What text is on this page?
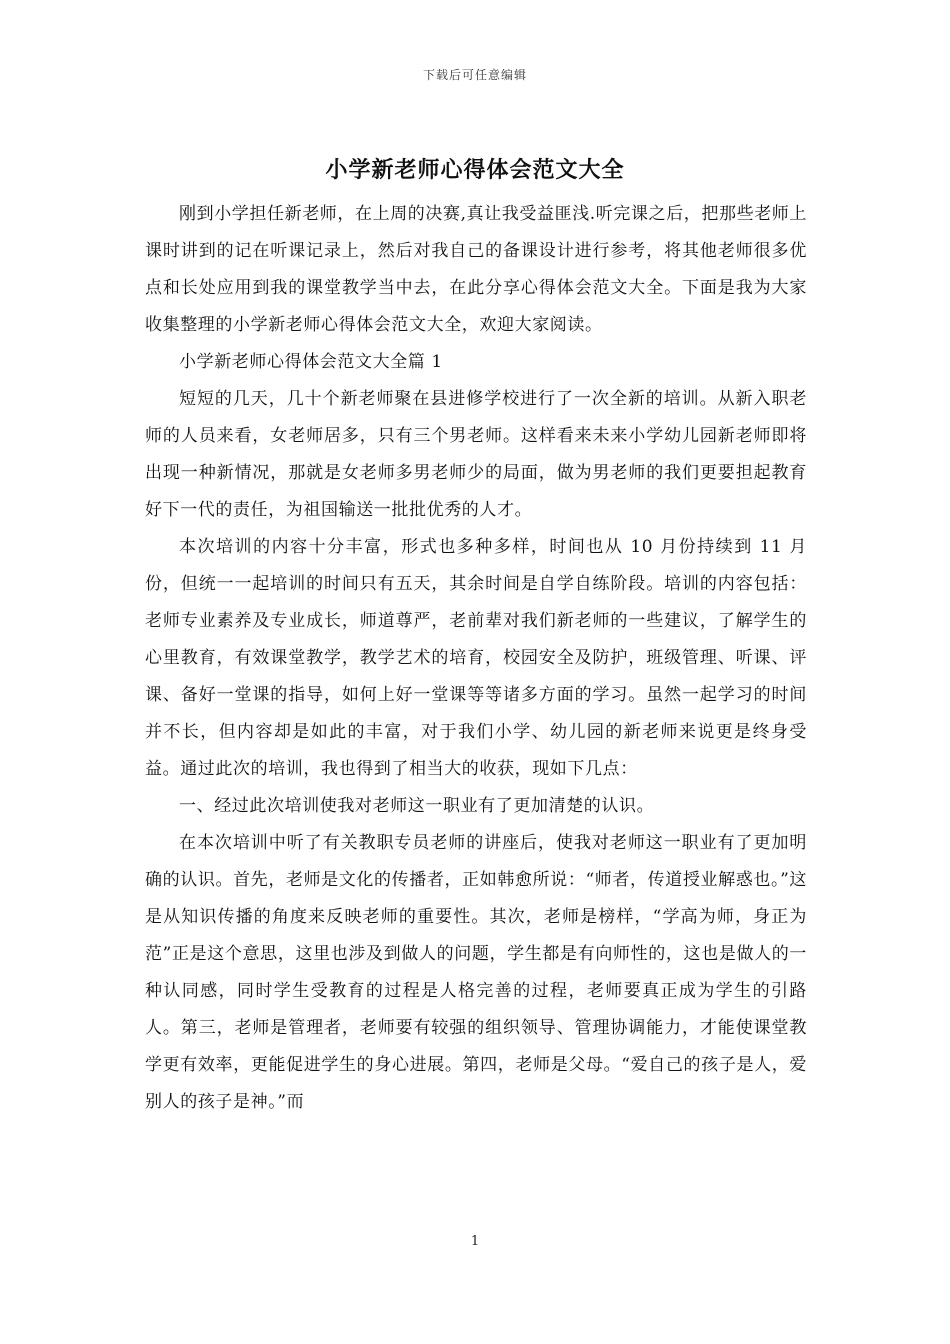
下载后可任意编辑
小学新老师心得体会范文大全

刚到小学担任新老师，在上周的决赛,真让我受益匪浅.听完课之后，把那些老师上课时讲到的记在听课记录上，然后对我自己的备课设计进行参考，将其他老师很多优点和长处应用到我的课堂教学当中去，在此分享心得体会范文大全。下面是我为大家收集整理的小学新老师心得体会范文大全，欢迎大家阅读。

小学新老师心得体会范文大全篇 1

短短的几天，几十个新老师聚在县进修学校进行了一次全新的培训。从新入职老师的人员来看，女老师居多，只有三个男老师。这样看来未来小学幼儿园新老师即将出现一种新情况，那就是女老师多男老师少的局面，做为男老师的我们更要担起教育好下一代的责任，为祖国输送一批批优秀的人才。

本次培训的内容十分丰富，形式也多种多样，时间也从 10 月份持续到 11 月份，但统一一起培训的时间只有五天，其余时间是自学自练阶段。培训的内容包括：老师专业素养及专业成长，师道尊严，老前辈对我们新老师的一些建议，了解学生的心里教育，有效课堂教学，教学艺术的培育，校园安全及防护，班级管理、听课、评课、备好一堂课的指导，如何上好一堂课等等诸多方面的学习。虽然一起学习的时间并不长，但内容却是如此的丰富，对于我们小学、幼儿园的新老师来说更是终身受益。通过此次的培训，我也得到了相当大的收获，现如下几点：

一、经过此次培训使我对老师这一职业有了更加清楚的认识。

在本次培训中听了有关教职专员老师的讲座后，使我对老师这一职业有了更加明确的认识。首先，老师是文化的传播者，正如韩愈所说：“师者，传道授业解惑也。”这是从知识传播的角度来反映老师的重要性。其次，老师是榜样，“学高为师，身正为范”正是这个意思，这里也涉及到做人的问题，学生都是有向师性的，这也是做人的一种认同感，同时学生受教育的过程是人格完善的过程，老师要真正成为学生的引路人。第三，老师是管理者，老师要有较强的组织领导、管理协调能力，才能使课堂教学更有效率，更能促进学生的身心进展。第四，老师是父母。“爱自己的孩子是人，爱别人的孩子是神。”而

1
